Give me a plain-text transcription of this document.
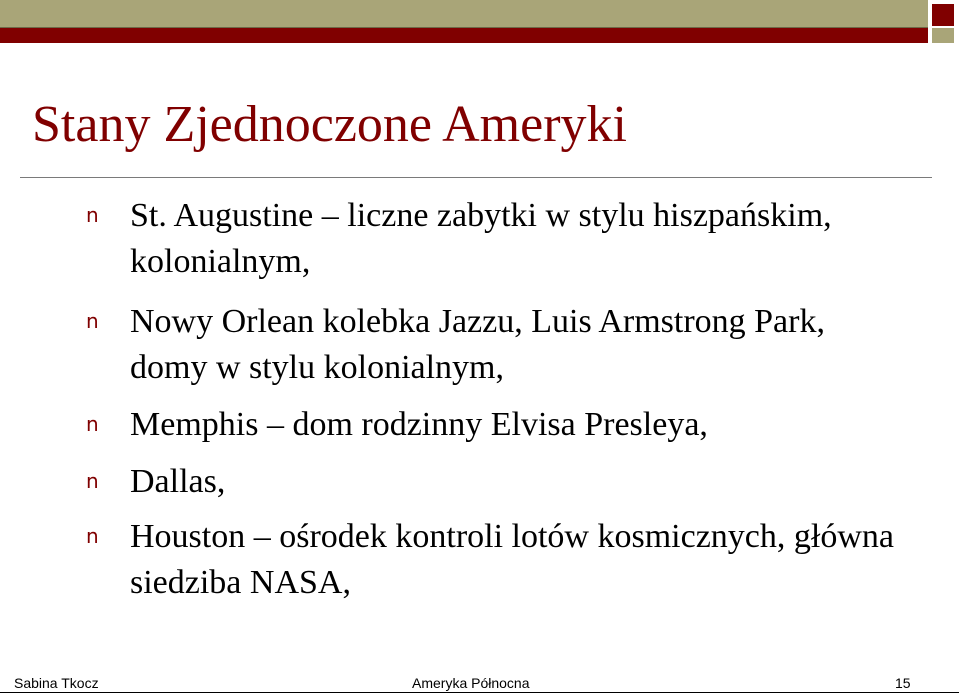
Stany Zjednoczone Ameryki
n St. Augustine – liczne zabytki w stylu hiszpańskim, kolonialnym,
n Nowy Orlean kolebka Jazzu, Luis Armstrong Park, domy w stylu kolonialnym,
n Memphis – dom rodzinny Elvisa Presleya,
n Dallas,
n Houston – ośrodek kontroli lotów kosmicznych, główna siedziba NASA,
Sabina Tkocz	Ameryka Północna	15
